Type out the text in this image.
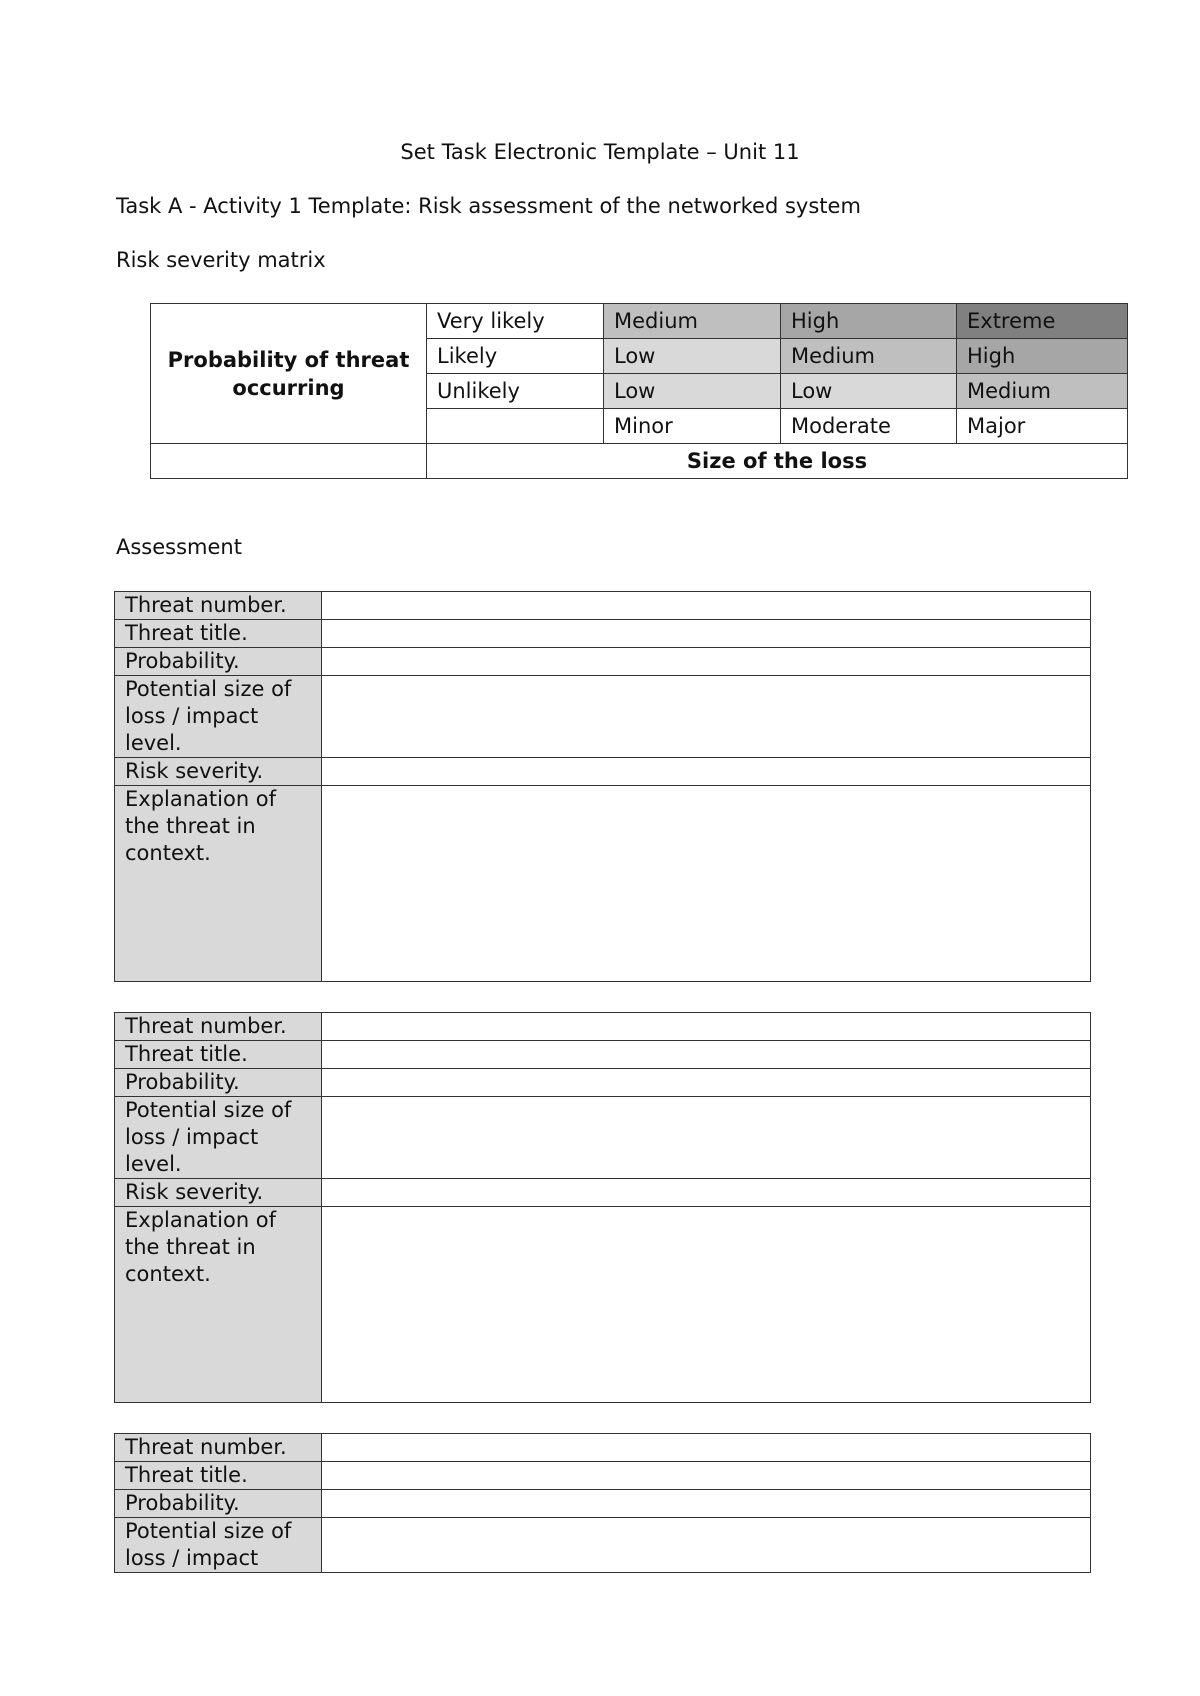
Set Task Electronic Template – Unit 11
Task A - Activity 1 Template: Risk assessment of the networked system
Risk severity matrix
Probability of threat occurring	Very likely	Medium	High	Extreme
	Likely	Low	Medium	High
	Unlikely	Low	Low	Medium
		Minor	Moderate	Major
	Size of the loss			
Assessment
Threat number.	
Threat title.	
Probability.	
Potential size of loss / impact level.	
Risk severity.	
Explanation of the threat in context.	
Threat number.	
Threat title.	
Probability.	
Potential size of loss / impact level.	
Risk severity.	
Explanation of the threat in context.	
Threat number.	
Threat title.	
Probability.	
Potential size of loss / impact	
